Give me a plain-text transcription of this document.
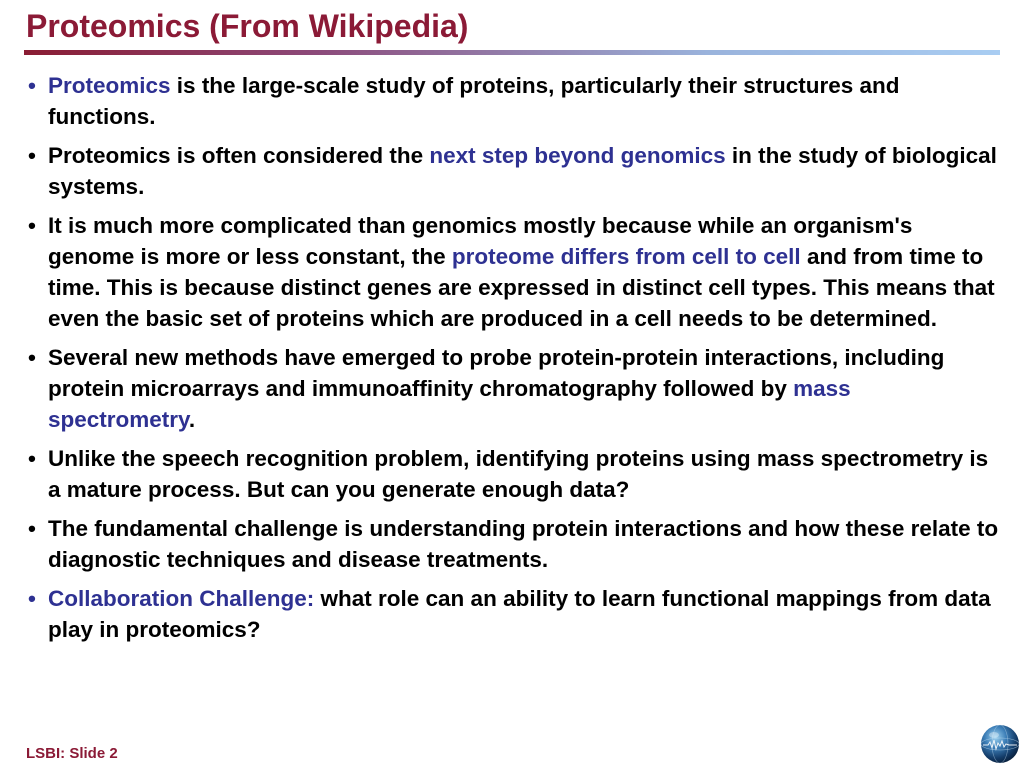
Proteomics (From Wikipedia)
• Proteomics is the large-scale study of proteins, particularly their structures and functions.
• Proteomics is often considered the next step beyond genomics in the study of biological systems.
• It is much more complicated than genomics mostly because while an organism's genome is more or less constant, the proteome differs from cell to cell and from time to time. This is because distinct genes are expressed in distinct cell types. This means that even the basic set of proteins which are produced in a cell needs to be determined.
• Several new methods have emerged to probe protein-protein interactions, including protein microarrays and immunoaffinity chromatography followed by mass spectrometry.
• Unlike the speech recognition problem, identifying proteins using mass spectrometry is a mature process. But can you generate enough data?
• The fundamental challenge is understanding protein interactions and how these relate to diagnostic techniques and disease treatments.
• Collaboration Challenge: what role can an ability to learn functional mappings from data play in proteomics?
LSBI: Slide 2
